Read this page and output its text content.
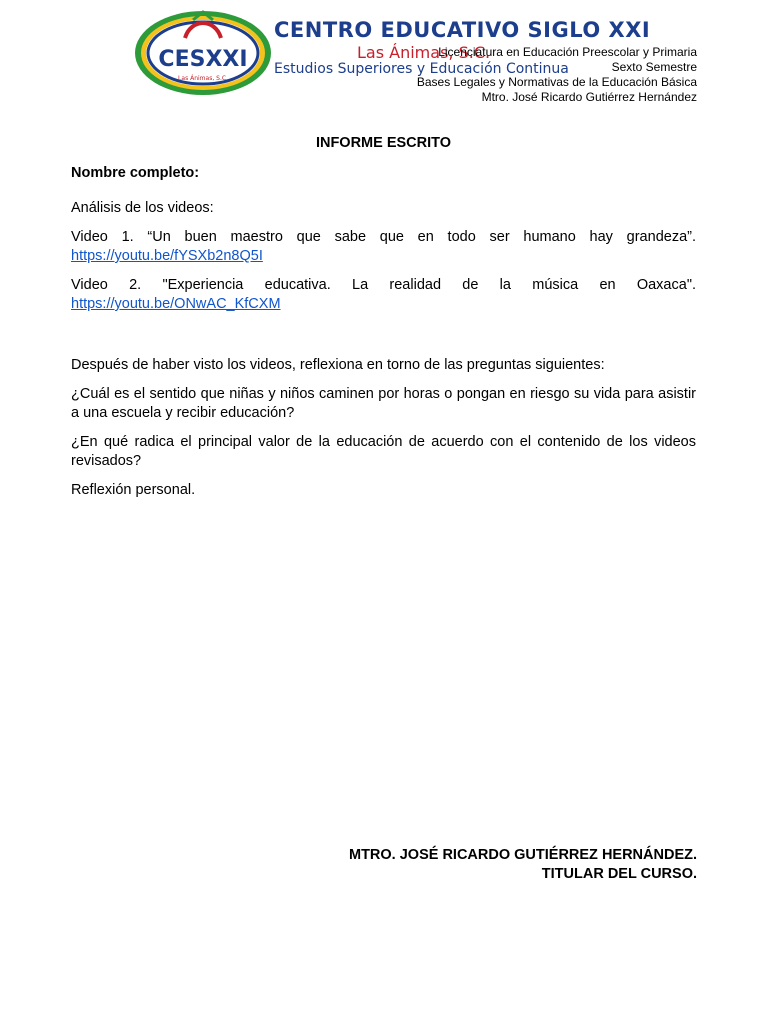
CESXXI
Las Ánimas, S.C.
CENTRO EDUCATIVO SIGLO XXI
Las Ánimas, S.C.
Estudios Superiores y Educación Continua
Licenciatura en Educación Preescolar y Primaria
Sexto Semestre
Bases Legales y Normativas de la Educación Básica
Mtro. José Ricardo Gutiérrez Hernández
INFORME ESCRITO
Nombre completo:
Análisis de los videos:
Video 1. “Un buen maestro que sabe que en todo ser humano hay grandeza”.
https://youtu.be/fYSXb2n8Q5I
Video 2. "Experiencia educativa. La realidad de la música en Oaxaca".
https://youtu.be/ONwAC_KfCXM
Después de haber visto los videos, reflexiona en torno de las preguntas siguientes:
¿Cuál es el sentido que niñas y niños caminen por horas o pongan en riesgo su vida para asistir a una escuela y recibir educación?
¿En qué radica el principal valor de la educación de acuerdo con el contenido de los videos revisados?
Reflexión personal.
MTRO. JOSÉ RICARDO GUTIÉRREZ HERNÁNDEZ.
TITULAR DEL CURSO.
